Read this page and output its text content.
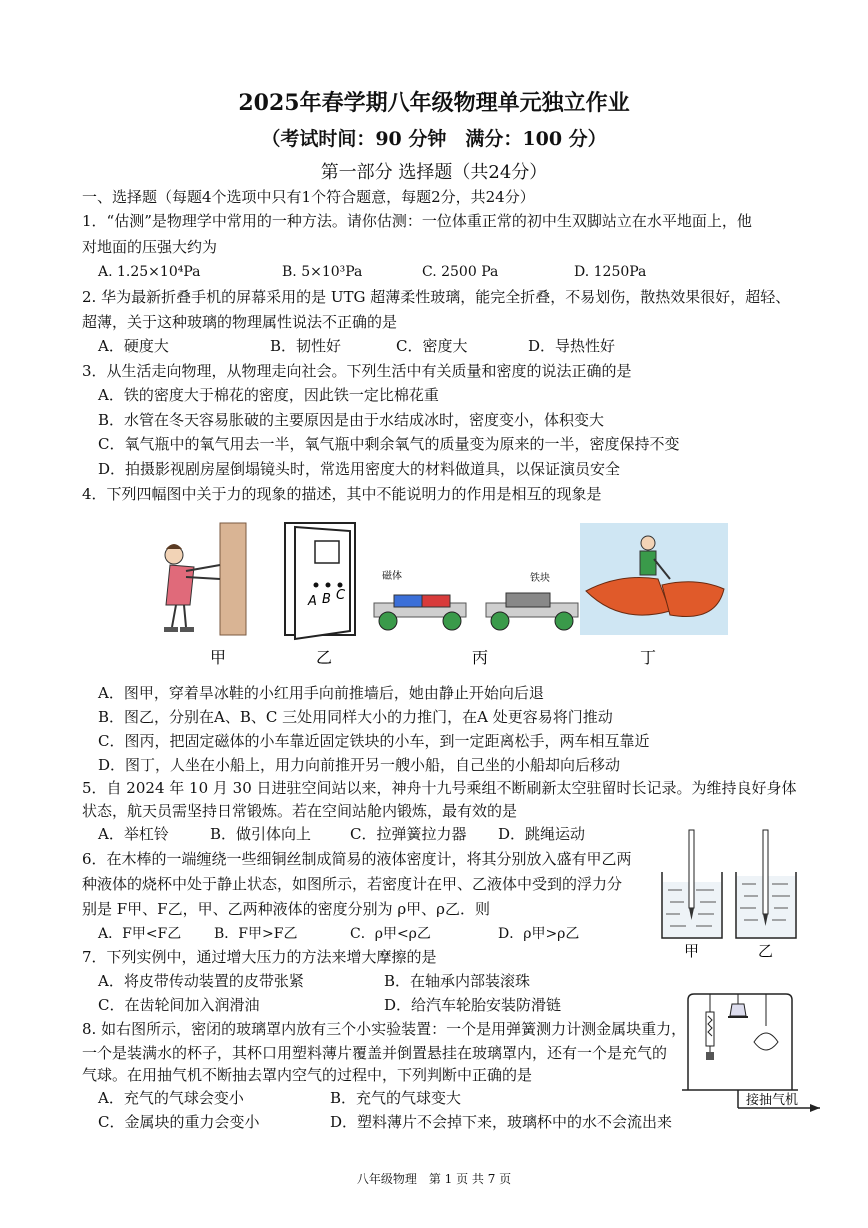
2025年春学期八年级物理单元独立作业
（考试时间：90 分钟　满分：100 分）
第一部分 选择题（共24分）
一、选择题（每题4个选项中只有1个符合题意，每题2分，共24分）
1．“估测”是物理学中常用的一种方法。请你估测：一位体重正常的初中生双脚站立在水平地面上，他
对地面的压强大约为
A. 1.25×10⁴Pa	B. 5×10³Pa	C. 2500 Pa	D. 1250Pa
2. 华为最新折叠手机的屏幕采用的是 UTG 超薄柔性玻璃，能完全折叠，不易划伤，散热效果很好，超轻、
超薄，关于这种玻璃的物理属性说法不正确的是
A．硬度大	B．韧性好	C．密度大	D．导热性好
3．从生活走向物理，从物理走向社会。下列生活中有关质量和密度的说法正确的是
A．铁的密度大于棉花的密度，因此铁一定比棉花重
B．水管在冬天容易胀破的主要原因是由于水结成冰时，密度变小，体积变大
C．氧气瓶中的氧气用去一半，氧气瓶中剩余氧气的质量变为原来的一半，密度保持不变
D．拍摄影视剧房屋倒塌镜头时，常选用密度大的材料做道具，以保证演员安全
4．下列四幅图中关于力的现象的描述，其中不能说明力的作用是相互的现象是
A B C
磁体	铁块
甲	乙	丙	丁
A．图甲，穿着旱冰鞋的小红用手向前推墙后，她由静止开始向后退
B．图乙，分别在A、B、C 三处用同样大小的力推门，在A 处更容易将门推动
C．图丙，把固定磁体的小车靠近固定铁块的小车，到一定距离松手，两车相互靠近
D．图丁，人坐在小船上，用力向前推开另一艘小船，自己坐的小船却向后移动
5．自 2024 年 10 月 30 日进驻空间站以来，神舟十九号乘组不断刷新太空驻留时长记录。为维持良好身体
状态，航天员需坚持日常锻炼。若在空间站舱内锻炼，最有效的是
A．举杠铃	B．做引体向上	C．拉弹簧拉力器 D．跳绳运动
6．在木棒的一端缠绕一些细铜丝制成简易的液体密度计，将其分别放入盛有甲乙两
种液体的烧杯中处于静止状态，如图所示，若密度计在甲、乙液体中受到的浮力分
别是 F甲、F乙，甲、乙两种液体的密度分别为 ρ甲、ρ乙．则
A．F甲<F乙 B．F甲>F乙	C．ρ甲<ρ乙	D．ρ甲>ρ乙
甲	乙
7．下列实例中，通过增大压力的方法来增大摩擦的是
A．将皮带传动装置的皮带张紧	B．在轴承内部装滚珠
C．在齿轮间加入润滑油	D．给汽车轮胎安装防滑链
8. 如右图所示，密闭的玻璃罩内放有三个小实验装置：一个是用弹簧测力计测金属块重力，
一个是装满水的杯子，其杯口用塑料薄片覆盖并倒置悬挂在玻璃罩内，还有一个是充气的
气球。在用抽气机不断抽去罩内空气的过程中，下列判断中正确的是
A．充气的气球会变小	B．充气的气球变大
C．金属块的重力会变小	D．塑料薄片不会掉下来，玻璃杯中的水不会流出来
接抽气机
八年级物理　第 1 页 共 7 页
